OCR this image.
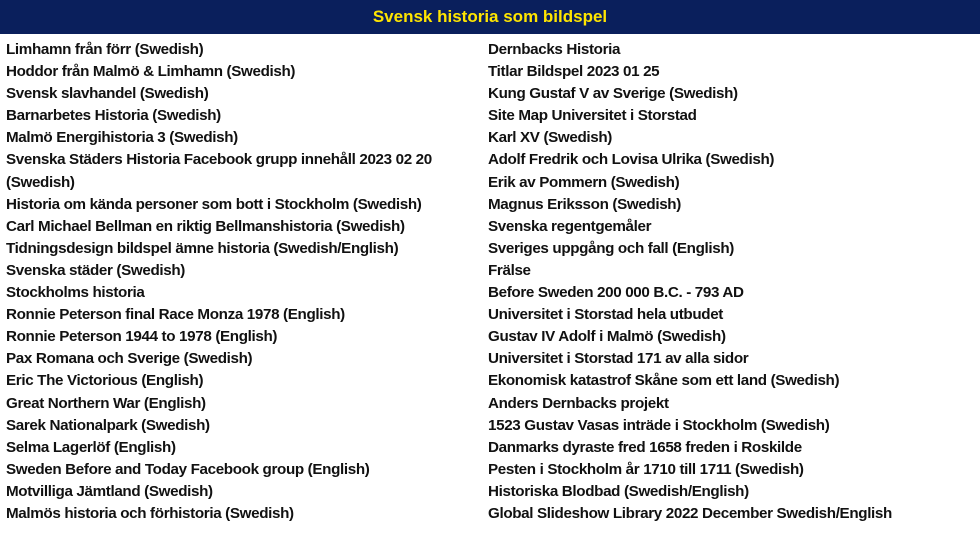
Svensk historia som bildspel
Limhamn från förr (Swedish)
Hoddor från Malmö & Limhamn (Swedish)
Svensk slavhandel (Swedish)
Barnarbetes Historia (Swedish)
Malmö Energihistoria 3 (Swedish)
Svenska Städers Historia Facebook grupp innehåll 2023 02 20
(Swedish)
Historia om kända personer som bott i Stockholm (Swedish)
Carl Michael Bellman en riktig Bellmanshistoria (Swedish)
Tidningsdesign bildspel ämne historia (Swedish/English)
Svenska städer (Swedish)
Stockholms historia
Ronnie Peterson final Race Monza 1978 (English)
Ronnie Peterson 1944 to 1978 (English)
Pax Romana och Sverige (Swedish)
Eric The Victorious (English)
Great Northern War (English)
Sarek Nationalpark (Swedish)
Selma Lagerlöf (English)
Sweden Before and Today Facebook group (English)
Motvilliga Jämtland (Swedish)
Malmös historia och förhistoria (Swedish)
Dernbacks Historia
Titlar Bildspel 2023 01 25
Kung Gustaf V av Sverige (Swedish)
Site Map Universitet i Storstad
Karl XV (Swedish)
Adolf Fredrik och Lovisa Ulrika (Swedish)
Erik av Pommern (Swedish)
Magnus Eriksson (Swedish)
Svenska regentgemåler
Sveriges uppgång och fall (English)
Frälse
Before Sweden 200 000 B.C. - 793 AD
Universitet i Storstad hela utbudet
Gustav IV Adolf i Malmö (Swedish)
Universitet i Storstad 171 av alla sidor
Ekonomisk katastrof Skåne som ett land (Swedish)
Anders Dernbacks projekt
1523 Gustav Vasas inträde i Stockholm (Swedish)
Danmarks dyraste fred 1658 freden i Roskilde
Pesten i Stockholm år 1710 till 1711 (Swedish)
Historiska Blodbad (Swedish/English)
Global Slideshow Library 2022 December Swedish/English
